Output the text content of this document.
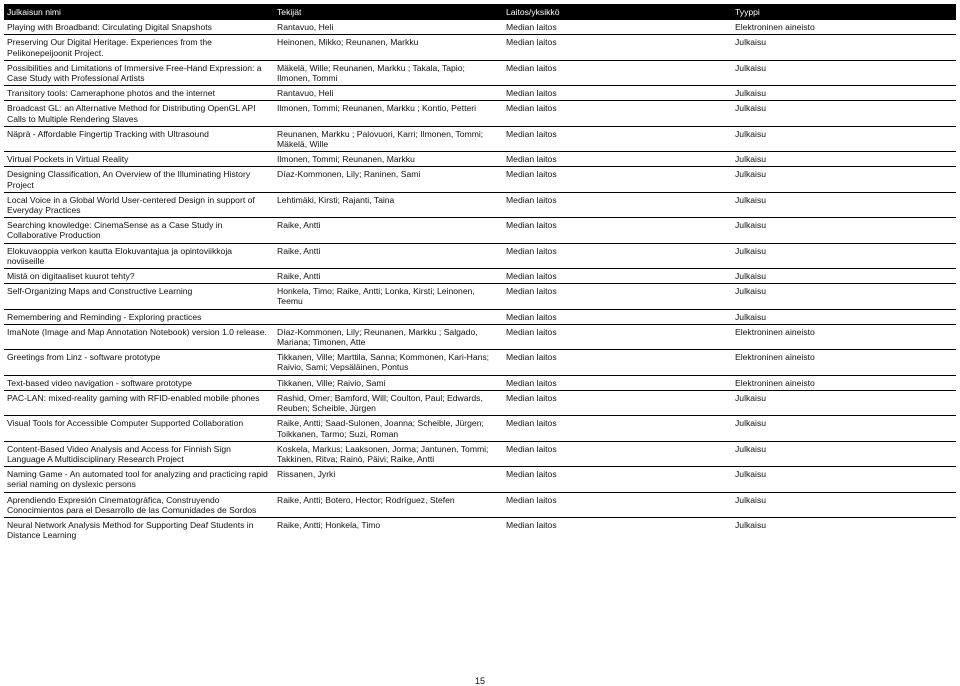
Julkaisun nimi	Tekijät	Laitos/yksikkö	Tyyppi
Playing with Broadband: Circulating Digital Snapshots	Rantavuo, Heli	Median laitos	Elektroninen aineisto
Preserving Our Digital Heritage. Experiences from the Pelikonepeijoonit Project.	Heinonen, Mikko; Reunanen, Markku	Median laitos	Julkaisu
Possibilities and Limitations of Immersive Free-Hand Expression: a Case Study with Professional Artists	Mäkelä, Wille; Reunanen, Markku ; Takala, Tapio; Ilmonen, Tommi	Median laitos	Julkaisu
Transitory tools: Cameraphone photos and the internet	Rantavuo, Heli	Median laitos	Julkaisu
Broadcast GL: an Alternative Method for Distributing OpenGL API Calls to Multiple Rendering Slaves	Ilmonen, Tommi; Reunanen, Markku ; Kontio, Petteri	Median laitos	Julkaisu
Näprä - Affordable Fingertip Tracking with Ultrasound	Reunanen, Markku ; Palovuori, Karri; Ilmonen, Tommi; Mäkelä, Wille	Median laitos	Julkaisu
Virtual Pockets in Virtual Reality	Ilmonen, Tommi; Reunanen, Markku	Median laitos	Julkaisu
Designing Classification, An Overview of the Illuminating History Project	Díaz-Kommonen, Lily; Raninen, Sami	Median laitos	Julkaisu
Local Voice in a Global World User-centered Design in support of Everyday Practices	Lehtimäki, Kirsti; Rajanti, Taina	Median laitos	Julkaisu
Searching knowledge: CinemaSense as a Case Study in Collaborative Production	Raike, Antti	Median laitos	Julkaisu
Elokuvaoppia verkon kautta Elokuvantajua ja opintoviikkoja noviiseille	Raike, Antti	Median laitos	Julkaisu
Mistä on digitaaliset kuurot tehty?	Raike, Antti	Median laitos	Julkaisu
Self-Organizing Maps and Constructive Learning	Honkela, Timo; Raike, Antti; Lonka, Kirsti; Leinonen, Teemu	Median laitos	Julkaisu
Remembering and Reminding - Exploring practices		Median laitos	Julkaisu
ImaNote (Image and Map Annotation Notebook) version 1.0 release.	Díaz-Kommonen, Lily; Reunanen, Markku ; Salgado, Mariana; Timonen, Atte	Median laitos	Elektroninen aineisto
Greetings from Linz - software prototype	Tikkanen, Ville; Marttila, Sanna; Kommonen, Kari-Hans; Raivio, Sami; Vepsäläinen, Pontus	Median laitos	Elektroninen aineisto
Text-based video navigation - software prototype	Tikkanen, Ville; Raivio, Sami	Median laitos	Elektroninen aineisto
PAC-LAN: mixed-reality gaming with RFID-enabled mobile phones	Rashid, Omer; Bamford, Will; Coulton, Paul; Edwards, Reuben; Scheible, Jürgen	Median laitos	Julkaisu
Visual Tools for Accessible Computer Supported Collaboration	Raike, Antti; Saad-Sulonen, Joanna; Scheible, Jürgen; Toikkanen, Tarmo; Suzi, Roman	Median laitos	Julkaisu
Content-Based Video Analysis and Access for Finnish Sign Language A Multidisciplinary Research Project	Koskela, Markus; Laaksonen, Jorma; Jantunen, Tommi; Takkinen, Ritva; Rainò, Päivi; Raike, Antti	Median laitos	Julkaisu
Naming Game - An automated tool for analyzing and practicing rapid serial naming on dyslexic persons	Rissanen, Jyrki	Median laitos	Julkaisu
Aprendiendo Expresión Cinematográfica, Construyendo Conocimientos para el Desarrollo de las Comunidades de Sordos	Raike, Antti; Botero, Hector; Rodríguez, Stefen	Median laitos	Julkaisu
Neural Network Analysis Method for Supporting Deaf Students in Distance Learning	Raike, Antti; Honkela, Timo	Median laitos	Julkaisu
15
